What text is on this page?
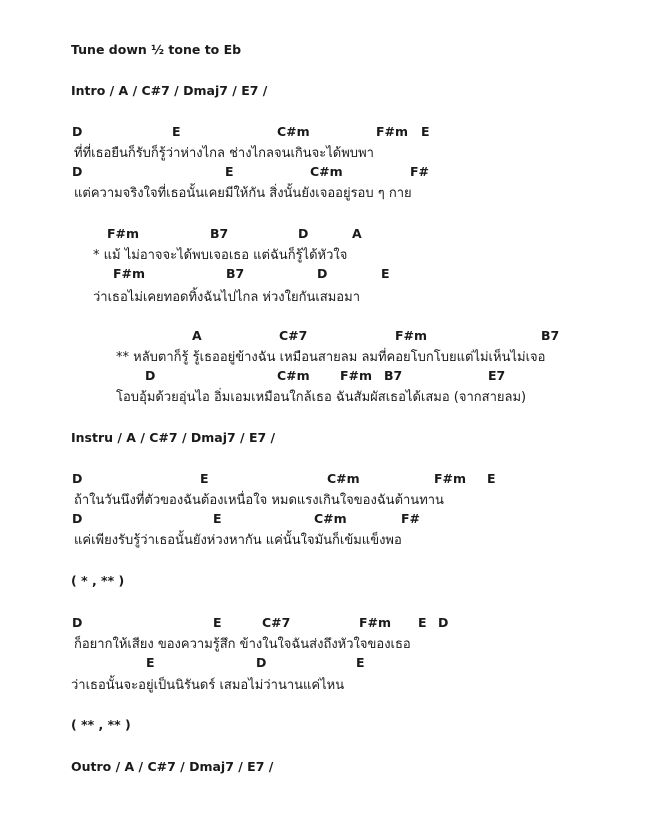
Tune down ½ tone to Eb
Intro / A / C#7 / Dmaj7 / E7 /
D	E	C#m	F#m E
ที่ที่เธอยืนก็รับก็รู้ว่าห่างไกล ช่างไกลจนเกินจะได้พบพา
D	E	C#m	F#
แต่ความจริงใจที่เธอนั้นเคยมีให้กัน สิ่งนั้นยังเจออยู่รอบ ๆ กาย
F#m	B7	D	A
* แม้ ไม่อาจจะได้พบเจอเธอ แต่ฉันก็รู้ได้หัวใจ
F#m	B7	D	E
ว่าเธอไม่เคยทอดทิ้งฉันไปไกล ห่วงใยกันเสมอมา
A	C#7	F#m	B7
** หลับตาก็รู้ รู้เธออยู่ข้างฉัน เหมือนสายลม ลมที่คอยโบกโบยแต่ไม่เห็นไม่เจอ
D	C#m F#m B7	E7
โอบอุ้มด้วยอุ่นไอ อิ่มเอมเหมือนใกล้เธอ ฉันสัมผัสเธอได้เสมอ (จากสายลม)
Instru / A / C#7 / Dmaj7 / E7 /
D	E	C#m	F#m E
ถ้าในวันนึงที่ตัวของฉันต้องเหนื่อใจ หมดแรงเกินใจของฉันต้านทาน
D	E	C#m	F#
แค่เพียงรับรู้ว่าเธอนั้นยังห่วงหากัน แค่นั้นใจมันก็เข้มแข็งพอ
( * , ** )
D	E	C#7	F#m E D
ก็อยากให้เสียง ของความรู้สึก ข้างในใจฉันส่งถึงหัวใจของเธอ
E	D	E
ว่าเธอนั้นจะอยู่เป็นนิรันดร์ เสมอไม่ว่านานแค่ไหน
( ** , ** )
Outro / A / C#7 / Dmaj7 / E7 /
